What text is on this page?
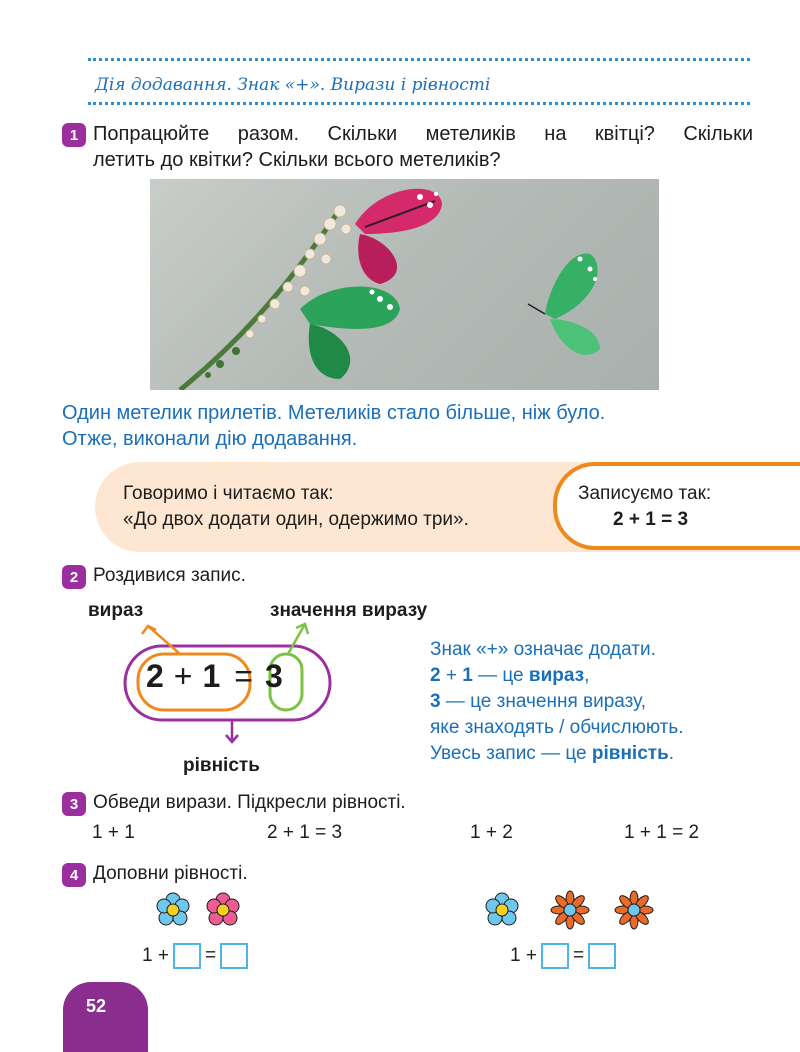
Дія додавання. Знак «+». Вирази і рівності
1 Попрацюйте разом. Скільки метеликів на квітці? Скільки
летить до квітки? Скільки всього метеликів?
Один метелик прилетів. Метеликів стало більше, ніж було.
Отже, виконали дію додавання.
Говоримо і читаємо так:
«До двох додати один, одержимо три».
Записуємо так:
2 + 1 = 3
2 Роздивися запис.
вираз	значення виразу
2 + 1 = 3
рівність
Знак «+» означає додати.
2 + 1 — це вираз,
3 — це значення виразу,
яке знаходять / обчислюють.
Увесь запис — це рівність.
3 Обведи вирази. Підкресли рівності.
1 + 1	2 + 1 = 3	1 + 2	1 + 1 = 2
4 Доповни рівності.
1 + =	1 + =
52
